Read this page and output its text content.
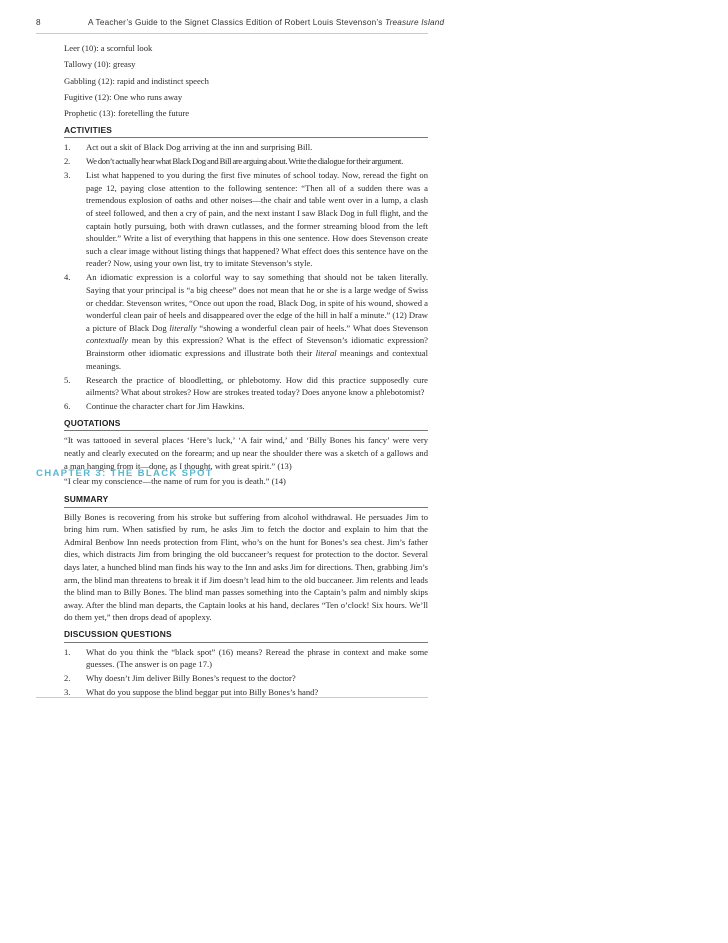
8	A Teacher’s Guide to the Signet Classics Edition of Robert Louis Stevenson’s Treasure Island
Leer (10): a scornful look
Tallowy (10): greasy
Gabbling (12): rapid and indistinct speech
Fugitive (12): One who runs away
Prophetic (13): foretelling the future
ACTIVITIES
1. Act out a skit of Black Dog arriving at the inn and surprising Bill.
2. We don’t actually hear what Black Dog and Bill are arguing about. Write the dialogue for their argument.
3. List what happened to you during the first five minutes of school today. Now, reread the fight on page 12, paying close attention to the following sentence: “Then all of a sudden there was a tremendous explosion of oaths and other noises—the chair and table went over in a lump, a clash of steel followed, and then a cry of pain, and the next instant I saw Black Dog in full flight, and the captain hotly pursuing, both with drawn cutlasses, and the former streaming blood from the left shoulder.” Write a list of everything that happens in this one sentence. How does Stevenson create such a clear image without listing things that happened? What effect does this sentence have on the reader? Now, using your own list, try to imitate Stevenson’s style.
4. An idiomatic expression is a colorful way to say something that should not be taken literally. Saying that your principal is “a big cheese” does not mean that he or she is a large wedge of Swiss or cheddar. Stevenson writes, “Once out upon the road, Black Dog, in spite of his wound, showed a wonderful clean pair of heels and disappeared over the edge of the hill in half a minute.” (12) Draw a picture of Black Dog literally “showing a wonderful clean pair of heels.” What does Stevenson contextually mean by this expression? What is the effect of Stevenson’s idiomatic expression? Brainstorm other idiomatic expressions and illustrate both their literal meanings and contextual meanings.
5. Research the practice of bloodletting, or phlebotomy. How did this practice supposedly cure ailments? What about strokes? How are strokes treated today? Does anyone know a phlebotomist?
6. Continue the character chart for Jim Hawkins.
QUOTATIONS
“It was tattooed in several places ‘Here’s luck,’ ‘A fair wind,’ and ‘Billy Bones his fancy’ were very neatly and clearly executed on the forearm; and up near the shoulder there was a sketch of a gallows and a man hanging from it—done, as I thought, with great spirit.” (13)
“I clear my conscience—the name of rum for you is death.” (14)
CHAPTER 3: THE BLACK SPOT
SUMMARY
Billy Bones is recovering from his stroke but suffering from alcohol withdrawal. He persuades Jim to bring him rum. When satisfied by rum, he asks Jim to fetch the doctor and explain to him that the Admiral Benbow Inn needs protection from Flint, who’s on the hunt for Bones’s sea chest. Jim’s father dies, which distracts Jim from bringing the old buccaneer’s request for protection to the doctor. Several days later, a hunched blind man finds his way to the Inn and asks Jim for directions. Then, grabbing Jim’s arm, the blind man threatens to break it if Jim doesn’t lead him to the old buccaneer. Jim relents and leads the blind man to Billy Bones. The blind man passes something into the Captain’s palm and nimbly skips away. After the blind man departs, the Captain looks at his hand, declares “Ten o’clock! Six hours. We’ll do them yet,” then drops dead of apoplexy.
DISCUSSION QUESTIONS
1. What do you think the “black spot” (16) means? Reread the phrase in context and make some guesses. (The answer is on page 17.)
2. Why doesn’t Jim deliver Billy Bones’s request to the doctor?
3. What do you suppose the blind beggar put into Billy Bones’s hand?
